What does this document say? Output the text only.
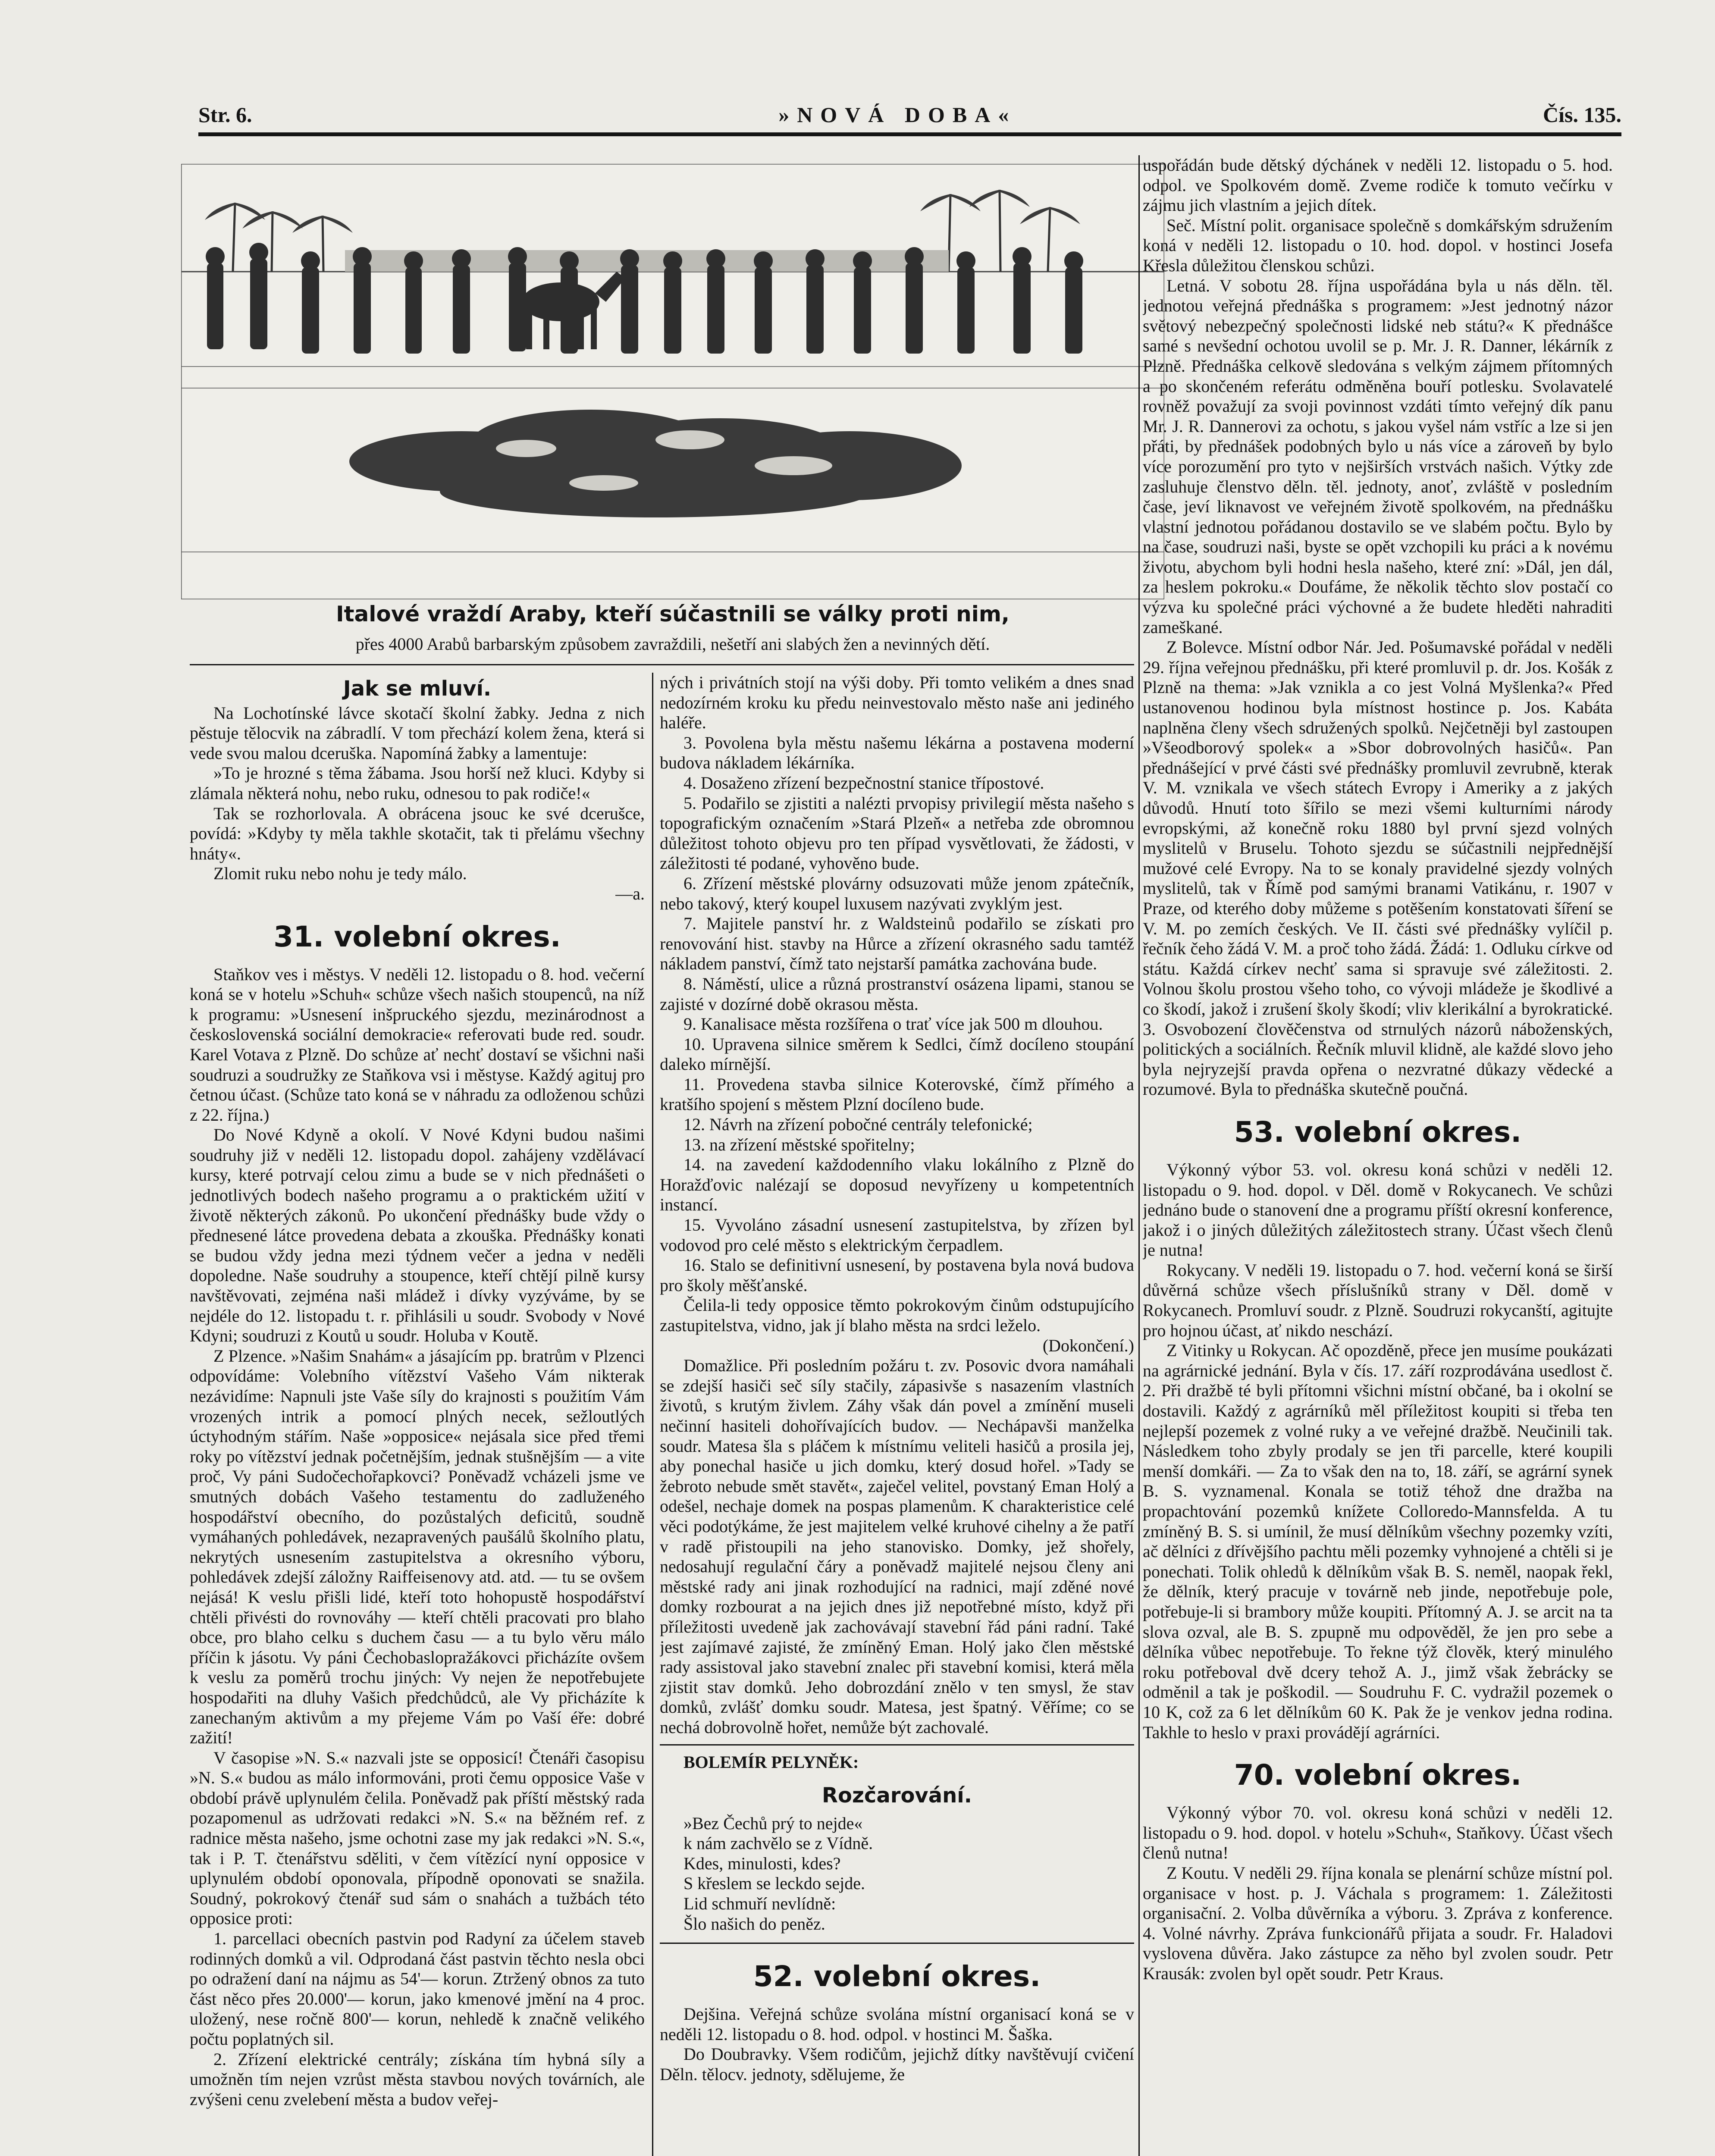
Str. 6.	»NOVÁ DOBA«	Čís. 135.
Italové vraždí Araby, kteří súčastnili se války proti nim,
přes 4000 Arabů barbarským způsobem zavraždili, nešetří ani slabých žen a nevinných dětí.
Jak se mluví.

Na Lochotínské lávce skotačí školní žabky. Jedna z nich pěstuje tělocvik na zábradlí. V tom přechází kolem žena, která si vede svou malou dceruška. Napomíná žabky a lamentuje:

»To je hrozné s těma žábama. Jsou horší než kluci. Kdyby si zlámala některá nohu, nebo ruku, odnesou to pak rodiče!«

Tak se rozhorlovala. A obrácena jsouc ke své dcerušce, povídá: »Kdyby ty měla takhle skotačit, tak ti přelámu všechny hnáty«.

Zlomit ruku nebo nohu je tedy málo.

—a.

31. volební okres.

Staňkov ves i městys. V neděli 12. listopadu o 8. hod. večerní koná se v hotelu »Schuh« schůze všech našich stoupenců, na níž k programu: »Usnesení inšpruckého sjezdu, mezinárodnost a československá sociální demokracie« referovati bude red. soudr. Karel Votava z Plzně. Do schůze ať nechť dostaví se všichni naši soudruzi a soudružky ze Staňkova vsi i městyse. Každý agituj pro četnou účast. (Schůze tato koná se v náhradu za odloženou schůzi z 22. října.)

Do Nové Kdyně a okolí. V Nové Kdyni budou našimi soudruhy již v neděli 12. listopadu dopol. zahájeny vzdělávací kursy, které potrvají celou zimu a bude se v nich přednášeti o jednotlivých bodech našeho programu a o praktickém užití v životě některých zákonů. Po ukončení přednášky bude vždy o přednesené látce provedena debata a zkouška. Přednášky konati se budou vždy jedna mezi týdnem večer a jedna v neděli dopoledne. Naše soudruhy a stoupence, kteří chtějí pilně kursy navštěvovati, zejména naši mládež i dívky vyzýváme, by se nejdéle do 12. listopadu t. r. přihlásili u soudr. Svobody v Nové Kdyni; soudruzi z Koutů u soudr. Holuba v Koutě.

Z Plzence. »Našim Snahám« a jásajícím pp. bratrům v Plzenci odpovídáme: Volebního vítězství Vašeho Vám nikterak nezávidíme: Napnuli jste Vaše síly do krajnosti s použitím Vám vrozených intrik a pomocí plných necek, sežloutlých úctyhodným stářím. Naše »opposice« nejásala sice před třemi roky po vítězství jednak početnějším, jednak stušnějším — a vite proč, Vy páni Sudočechořapkovci? Poněvadž vcházeli jsme ve smutných dobách Vašeho testamentu do zadluženého hospodářství obecního, do pozůstalých deficitů, soudně vymáhaných pohledávek, nezapravených paušálů školního platu, nekrytých usnesením zastupitelstva a okresního výboru, pohledávek zdejší záložny Raiffeisenovy atd. atd. — tu se ovšem nejásá! K veslu přišli lidé, kteří toto hohopustě hospodářství chtěli přivésti do rovnováhy — kteří chtěli pracovati pro blaho obce, pro blaho celku s duchem času — a tu bylo věru málo příčin k jásotu. Vy páni Čechobaslopražákovci přicházíte ovšem k veslu za poměrů trochu jiných: Vy nejen že nepotřebujete hospodařiti na dluhy Vašich předchůdců, ale Vy přicházíte k zanechaným aktivům a my přejeme Vám po Vaší éře: dobré zažití!

V časopise »N. S.« nazvali jste se opposicí! Čtenáři časopisu »N. S.« budou as málo informováni, proti čemu opposice Vaše v období právě uplynulém čelila. Poněvadž pak příští městský rada pozapomenul as udržovati redakci »N. S.« na běžném ref. z radnice města našeho, jsme ochotni zase my jak redakci »N. S.«, tak i P. T. čtenářstvu sděliti, v čem vítězící nyní opposice v uplynulém období oponovala, přípodně oponovati se snažila. Soudný, pokrokový čtenář sud sám o snahách a tužbách této opposice proti:

1. parcellaci obecních pastvin pod Radyní za účelem staveb rodinných domků a vil. Odprodaná část pastvin těchto nesla obci po odražení daní na nájmu as 54'— korun. Ztržený obnos za tuto část něco přes 20.000'— korun, jako kmenové jmění na 4 proc. uložený, nese ročně 800'— korun, nehledě k značně velikého počtu poplatných sil.

2. Zřízení elektrické centrály; získána tím hybná síly a umožněn tím nejen vzrůst města stavbou nových továrních, ale zvýšeni cenu zvelebení města a budov veřej-

ných i privátních stojí na výši doby. Při tomto velikém a dnes snad nedozírném kroku ku předu neinvestovalo město naše ani jediného haléře.

3. Povolena byla městu našemu lékárna a postavena moderní budova nákladem lékárníka.

4. Dosaženo zřízení bezpečnostní stanice třípostové.

5. Podařilo se zjistiti a nalézti prvopisy privilegií města našeho s topografickým označením »Stará Plzeň« a netřeba zde obromnou důležitost tohoto objevu pro ten případ vysvětlovati, že žádosti, v záležitosti té podané, vyhověno bude.

6. Zřízení městské plovárny odsuzovati může jenom zpátečník, nebo takový, který koupel luxusem nazývati zvyklým jest.

7. Majitele panství hr. z Waldsteinů podařilo se získati pro renovování hist. stavby na Hůrce a zřízení okrasného sadu tamtéž nákladem panství, čímž tato nejstarší památka zachována bude.

8. Náměstí, ulice a různá prostranství osázena lipami, stanou se zajisté v dozírné době okrasou města.

9. Kanalisace města rozšířena o trať více jak 500 m dlouhou.

10. Upravena silnice směrem k Sedlci, čímž docíleno stoupání daleko mírnější.

11. Provedena stavba silnice Koterovské, čímž přímého a kratšího spojení s městem Plzní docíleno bude.

12. Návrh na zřízení pobočné centrály telefonické;

13. na zřízení městské spořitelny;

14. na zavedení každodenního vlaku lokálního z Plzně do Horažďovic nalézají se doposud nevyřízeny u kompetentních instancí.

15. Vyvoláno zásadní usnesení zastupitelstva, by zřízen byl vodovod pro celé město s elektrickým čerpadlem.

16. Stalo se definitivní usnesení, by postavena byla nová budova pro školy měšťanské.

Čelila-li tedy opposice těmto pokrokovým činům odstupujícího zastupitelstva, vidno, jak jí blaho města na srdci leželo.

(Dokončení.)

Domažlice. Při posledním požáru t. zv. Posovic dvora namáhali se zdejší hasiči seč síly stačily, zápasivše s nasazením vlastních životů, s krutým živlem. Záhy však dán povel a zmínění museli nečinní hasiteli dohořívajících budov. — Nechápavši manželka soudr. Matesa šla s pláčem k místnímu veliteli hasičů a prosila jej, aby ponechal hasiče u jich domku, který dosud hořel. »Tady se žebroto nebude smět stavět«, zaječel velitel, povstaný Eman Holý a odešel, nechaje domek na pospas plamenům. K charakteristice celé věci podotýkáme, že jest majitelem velké kruhové cihelny a že patří v radě přistoupili na jeho stanovisko. Domky, jež shořely, nedosahují regulační čáry a poněvadž majitelé nejsou členy ani městské rady ani jinak rozhodující na radnici, mají zděné nové domky rozbourat a na jejich dnes již nepotřebné místo, když při příležitosti uvedeně jak zachovávají stavební řád páni radní. Také jest zajímavé zajisté, že zmíněný Eman. Holý jako člen městské rady assistoval jako stavební znalec při stavební komisi, která měla zjistit stav domků. Jeho dobrozdání znělo v ten smysl, že stav domků, zvlášť domku soudr. Matesa, jest špatný. Věříme; co se nechá dobrovolně hořet, nemůže být zachovalé.

BOLEMÍR PELYNĚK:

Rozčarování.

»Bez Čechů prý to nejde«

k nám zachvělo se z Vídně.

Kdes, minulosti, kdes?

S křeslem se leckdo sejde.

Lid schmuří nevlídně:

Šlo našich do peněz.

52. volební okres.

Dejšina. Veřejná schůze svolána místní organisací koná se v neděli 12. listopadu o 8. hod. odpol. v hostinci M. Šaška.

Do Doubravky. Všem rodičům, jejichž dítky navštěvují cvičení Děln. tělocv. jednoty, sdělujeme, že

uspořádán bude dětský dýchánek v neděli 12. listopadu o 5. hod. odpol. ve Spolkovém domě. Zveme rodiče k tomuto večírku v zájmu jich vlastním a jejich dítek.

Seč. Místní polit. organisace společně s domkářským sdružením koná v neděli 12. listopadu o 10. hod. dopol. v hostinci Josefa Křesla důležitou členskou schůzi.

Letná. V sobotu 28. října uspořádána byla u nás děln. těl. jednotou veřejná přednáška s programem: »Jest jednotný názor světový nebezpečný společnosti lidské neb státu?« K přednášce samé s nevšední ochotou uvolil se p. Mr. J. R. Danner, lékárník z Plzně. Přednáška celkově sledována s velkým zájmem přítomných a po skončeném referátu odměněna bouří potlesku. Svolavatelé rovněž považují za svoji povinnost vzdáti tímto veřejný dík panu Mr. J. R. Dannerovi za ochotu, s jakou vyšel nám vstříc a lze si jen přáti, by přednášek podobných bylo u nás více a zároveň by bylo více porozumění pro tyto v nejširších vrstvách našich. Výtky zde zasluhuje členstvo děln. těl. jednoty, anoť, zvláště v posledním čase, jeví liknavost ve veřejném životě spolkovém, na přednášku vlastní jednotou pořádanou dostavilo se ve slabém počtu. Bylo by na čase, soudruzi naši, byste se opět vzchopili ku práci a k novému životu, abychom byli hodni hesla našeho, které zní: »Dál, jen dál, za heslem pokroku.« Doufáme, že několik těchto slov postačí co výzva ku společné práci výchovné a že budete hleděti nahraditi zameškané.

Z Bolevce. Místní odbor Nár. Jed. Pošumavské pořádal v neděli 29. října veřejnou přednášku, při které promluvil p. dr. Jos. Košák z Plzně na thema: »Jak vznikla a co jest Volná Myšlenka?« Před ustanovenou hodinou byla místnost hostince p. Jos. Kabáta naplněna členy všech sdružených spolků. Nejčetněji byl zastoupen »Všeodborový spolek« a »Sbor dobrovolných hasičů«. Pan přednášející v prvé části své přednášky promluvil zevrubně, kterak V. M. vznikala ve všech státech Evropy i Ameriky a z jakých důvodů. Hnutí toto šířilo se mezi všemi kulturními národy evropskými, až konečně roku 1880 byl první sjezd volných myslitelů v Bruselu. Tohoto sjezdu se súčastnili nejpřednější mužové celé Evropy. Na to se konaly pravidelné sjezdy volných myslitelů, tak v Římě pod samými branami Vatikánu, r. 1907 v Praze, od kterého doby můžeme s potěšením konstatovati šíření se V. M. po zemích českých. Ve II. části své přednášky vylíčil p. řečník čeho žádá V. M. a proč toho žádá. Žádá: 1. Odluku církve od státu. Každá církev nechť sama si spravuje své záležitosti. 2. Volnou školu prostou všeho toho, co vývoji mládeže je škodlivé a co škodí, jakož i zrušení školy škodí; vliv klerikální a byrokratické. 3. Osvobození člověčenstva od strnulých názorů náboženských, politických a sociálních. Řečník mluvil klidně, ale každé slovo jeho byla nejryzejší pravda opřena o nezvratné důkazy vědecké a rozumové. Byla to přednáška skutečně poučná.

53. volební okres.

Výkonný výbor 53. vol. okresu koná schůzi v neděli 12. listopadu o 9. hod. dopol. v Děl. domě v Rokycanech. Ve schůzi jednáno bude o stanovení dne a programu příští okresní konference, jakož i o jiných důležitých záležitostech strany. Účast všech členů je nutna!

Rokycany. V neděli 19. listopadu o 7. hod. večerní koná se širší důvěrná schůze všech příslušníků strany v Děl. domě v Rokycanech. Promluví soudr. z Plzně. Soudruzi rokycanští, agitujte pro hojnou účast, ať nikdo neschází.

Z Vitinky u Rokycan. Ač opozděně, přece jen musíme poukázati na agrárnické jednání. Byla v čís. 17. září rozprodávána usedlost č. 2. Při dražbě té byli přítomni všichni místní občané, ba i okolní se dostavili. Každý z agrárníků měl příležitost koupiti si třeba ten nejlepší pozemek z volné ruky a ve veřejné dražbě. Neučinili tak. Následkem toho zbyly prodaly se jen tři parcelle, které koupili menší domkáři. — Za to však den na to, 18. září, se agrární synek B. S. vyznamenal. Konala se totiž téhož dne dražba na propachtování pozemků knížete Colloredo-Mannsfelda. A tu zmíněný B. S. si umínil, že musí dělníkům všechny pozemky vzíti, ač dělníci z dřívějšího pachtu měli pozemky vyhnojené a chtěli si je ponechati. Tolik ohledů k dělníkům však B. S. neměl, naopak řekl, že dělník, který pracuje v továrně neb jinde, nepotřebuje pole, potřebuje-li si brambory může koupiti. Přítomný A. J. se arcit na ta slova ozval, ale B. S. zpupně mu odpověděl, že jen pro sebe a dělníka vůbec nepotřebuje. To řekne týž člověk, který minulého roku potřeboval dvě dcery tehož A. J., jimž však žebrácky se odměnil a tak je poškodil. — Soudruhu F. C. vydražil pozemek o 10 K, což za 6 let dělníkům 60 K. Pak že je venkov jedna rodina. Takhle to heslo v praxi provádějí agrárníci.

70. volební okres.

Výkonný výbor 70. vol. okresu koná schůzi v neděli 12. listopadu o 9. hod. dopol. v hotelu »Schuh«, Staňkovy. Účast všech členů nutna!

Z Koutu. V neděli 29. října konala se plenární schůze místní pol. organisace v host. p. J. Váchala s programem: 1. Záležitosti organisační. 2. Volba důvěrníka a výboru. 3. Zpráva z konference. 4. Volné návrhy. Zpráva funkcionářů přijata a soudr. Fr. Haladovi vyslovena důvěra. Jako zástupce za něho byl zvolen soudr. Petr Krausák: zvolen byl opět soudr. Petr Kraus.
